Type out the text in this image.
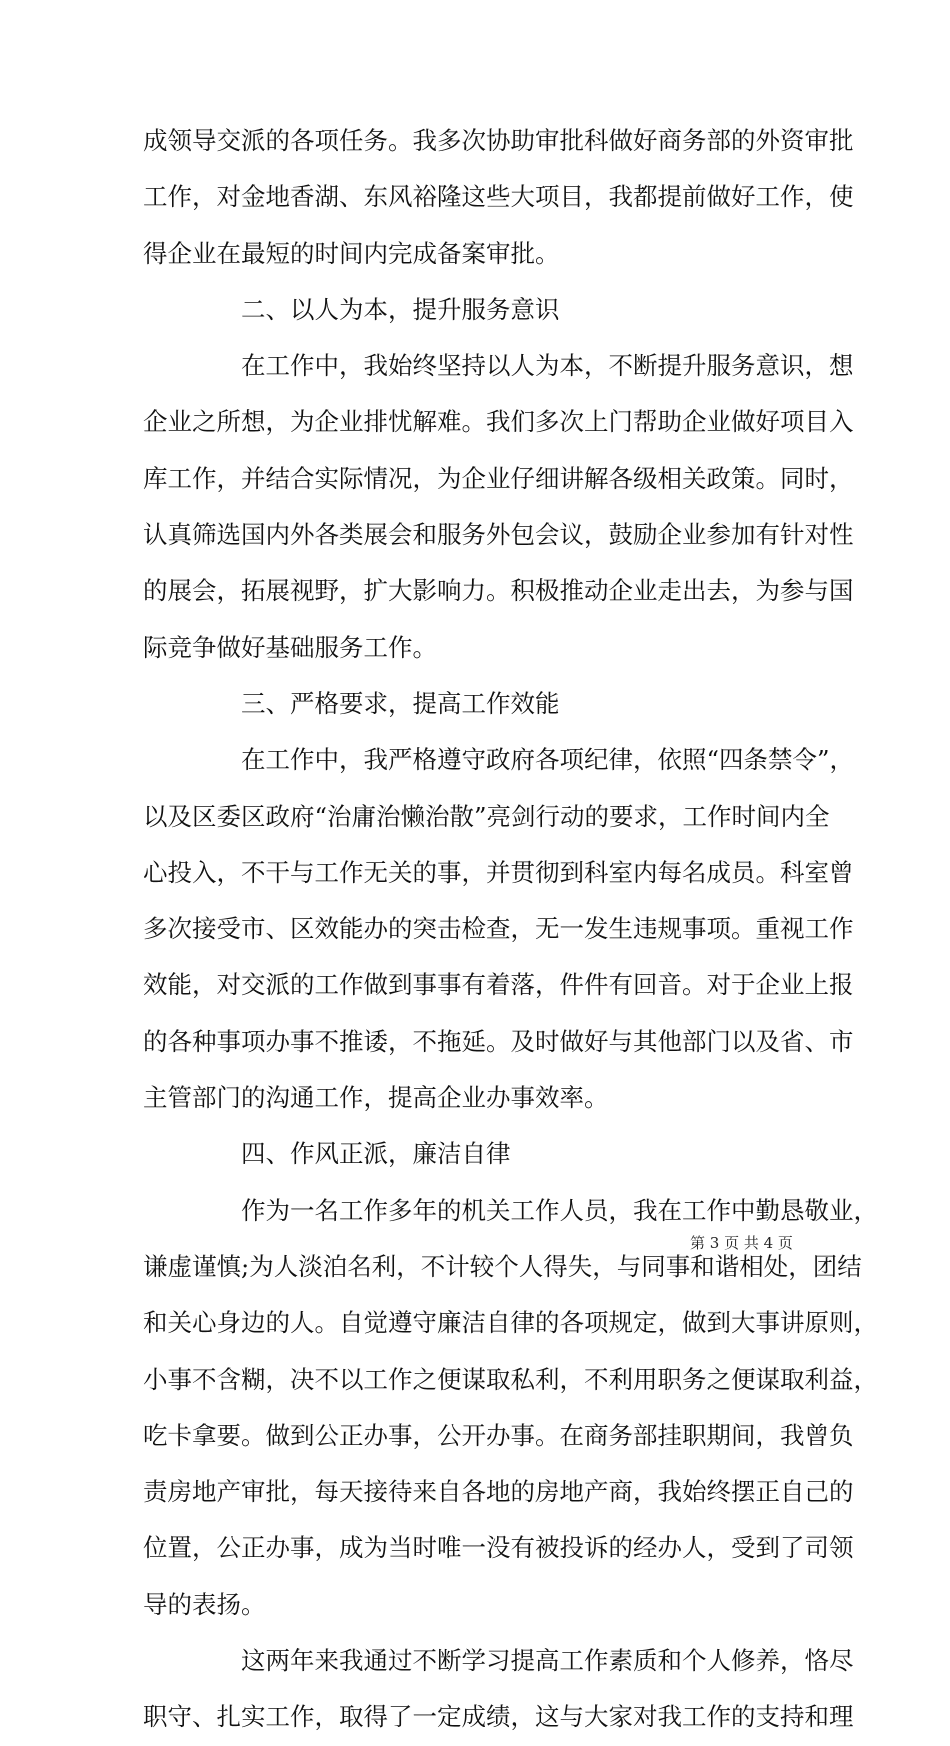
成领导交派的各项任务。我多次协助审批科做好商务部的外资审批
工作，对金地香湖、东风裕隆这些大项目，我都提前做好工作，使
得企业在最短的时间内完成备案审批。
二、以人为本，提升服务意识
在工作中，我始终坚持以人为本，不断提升服务意识，想
企业之所想，为企业排忧解难。我们多次上门帮助企业做好项目入
库工作，并结合实际情况，为企业仔细讲解各级相关政策。同时，
认真筛选国内外各类展会和服务外包会议，鼓励企业参加有针对性
的展会，拓展视野，扩大影响力。积极推动企业走出去，为参与国
际竞争做好基础服务工作。
三、严格要求，提高工作效能
在工作中，我严格遵守政府各项纪律，依照“四条禁令”，
以及区委区政府“治庸治懒治散”亮剑行动的要求，工作时间内全
心投入，不干与工作无关的事，并贯彻到科室内每名成员。科室曾
多次接受市、区效能办的突击检查，无一发生违规事项。重视工作
效能，对交派的工作做到事事有着落，件件有回音。对于企业上报
的各种事项办事不推诿，不拖延。及时做好与其他部门以及省、市
主管部门的沟通工作，提高企业办事效率。
四、作风正派，廉洁自律
作为一名工作多年的机关工作人员，我在工作中勤恳敬业，
谦虚谨慎;为人淡泊名利，不计较个人得失，与同事和谐相处，团结
和关心身边的人。自觉遵守廉洁自律的各项规定，做到大事讲原则，
小事不含糊，决不以工作之便谋取私利，不利用职务之便谋取利益，
吃卡拿要。做到公正办事，公开办事。在商务部挂职期间，我曾负
责房地产审批，每天接待来自各地的房地产商，我始终摆正自己的
位置，公正办事，成为当时唯一没有被投诉的经办人，受到了司领
导的表扬。
这两年来我通过不断学习提高工作素质和个人修养，恪尽
职守、扎实工作，取得了一定成绩，这与大家对我工作的支持和理
第 3 页 共 4 页
